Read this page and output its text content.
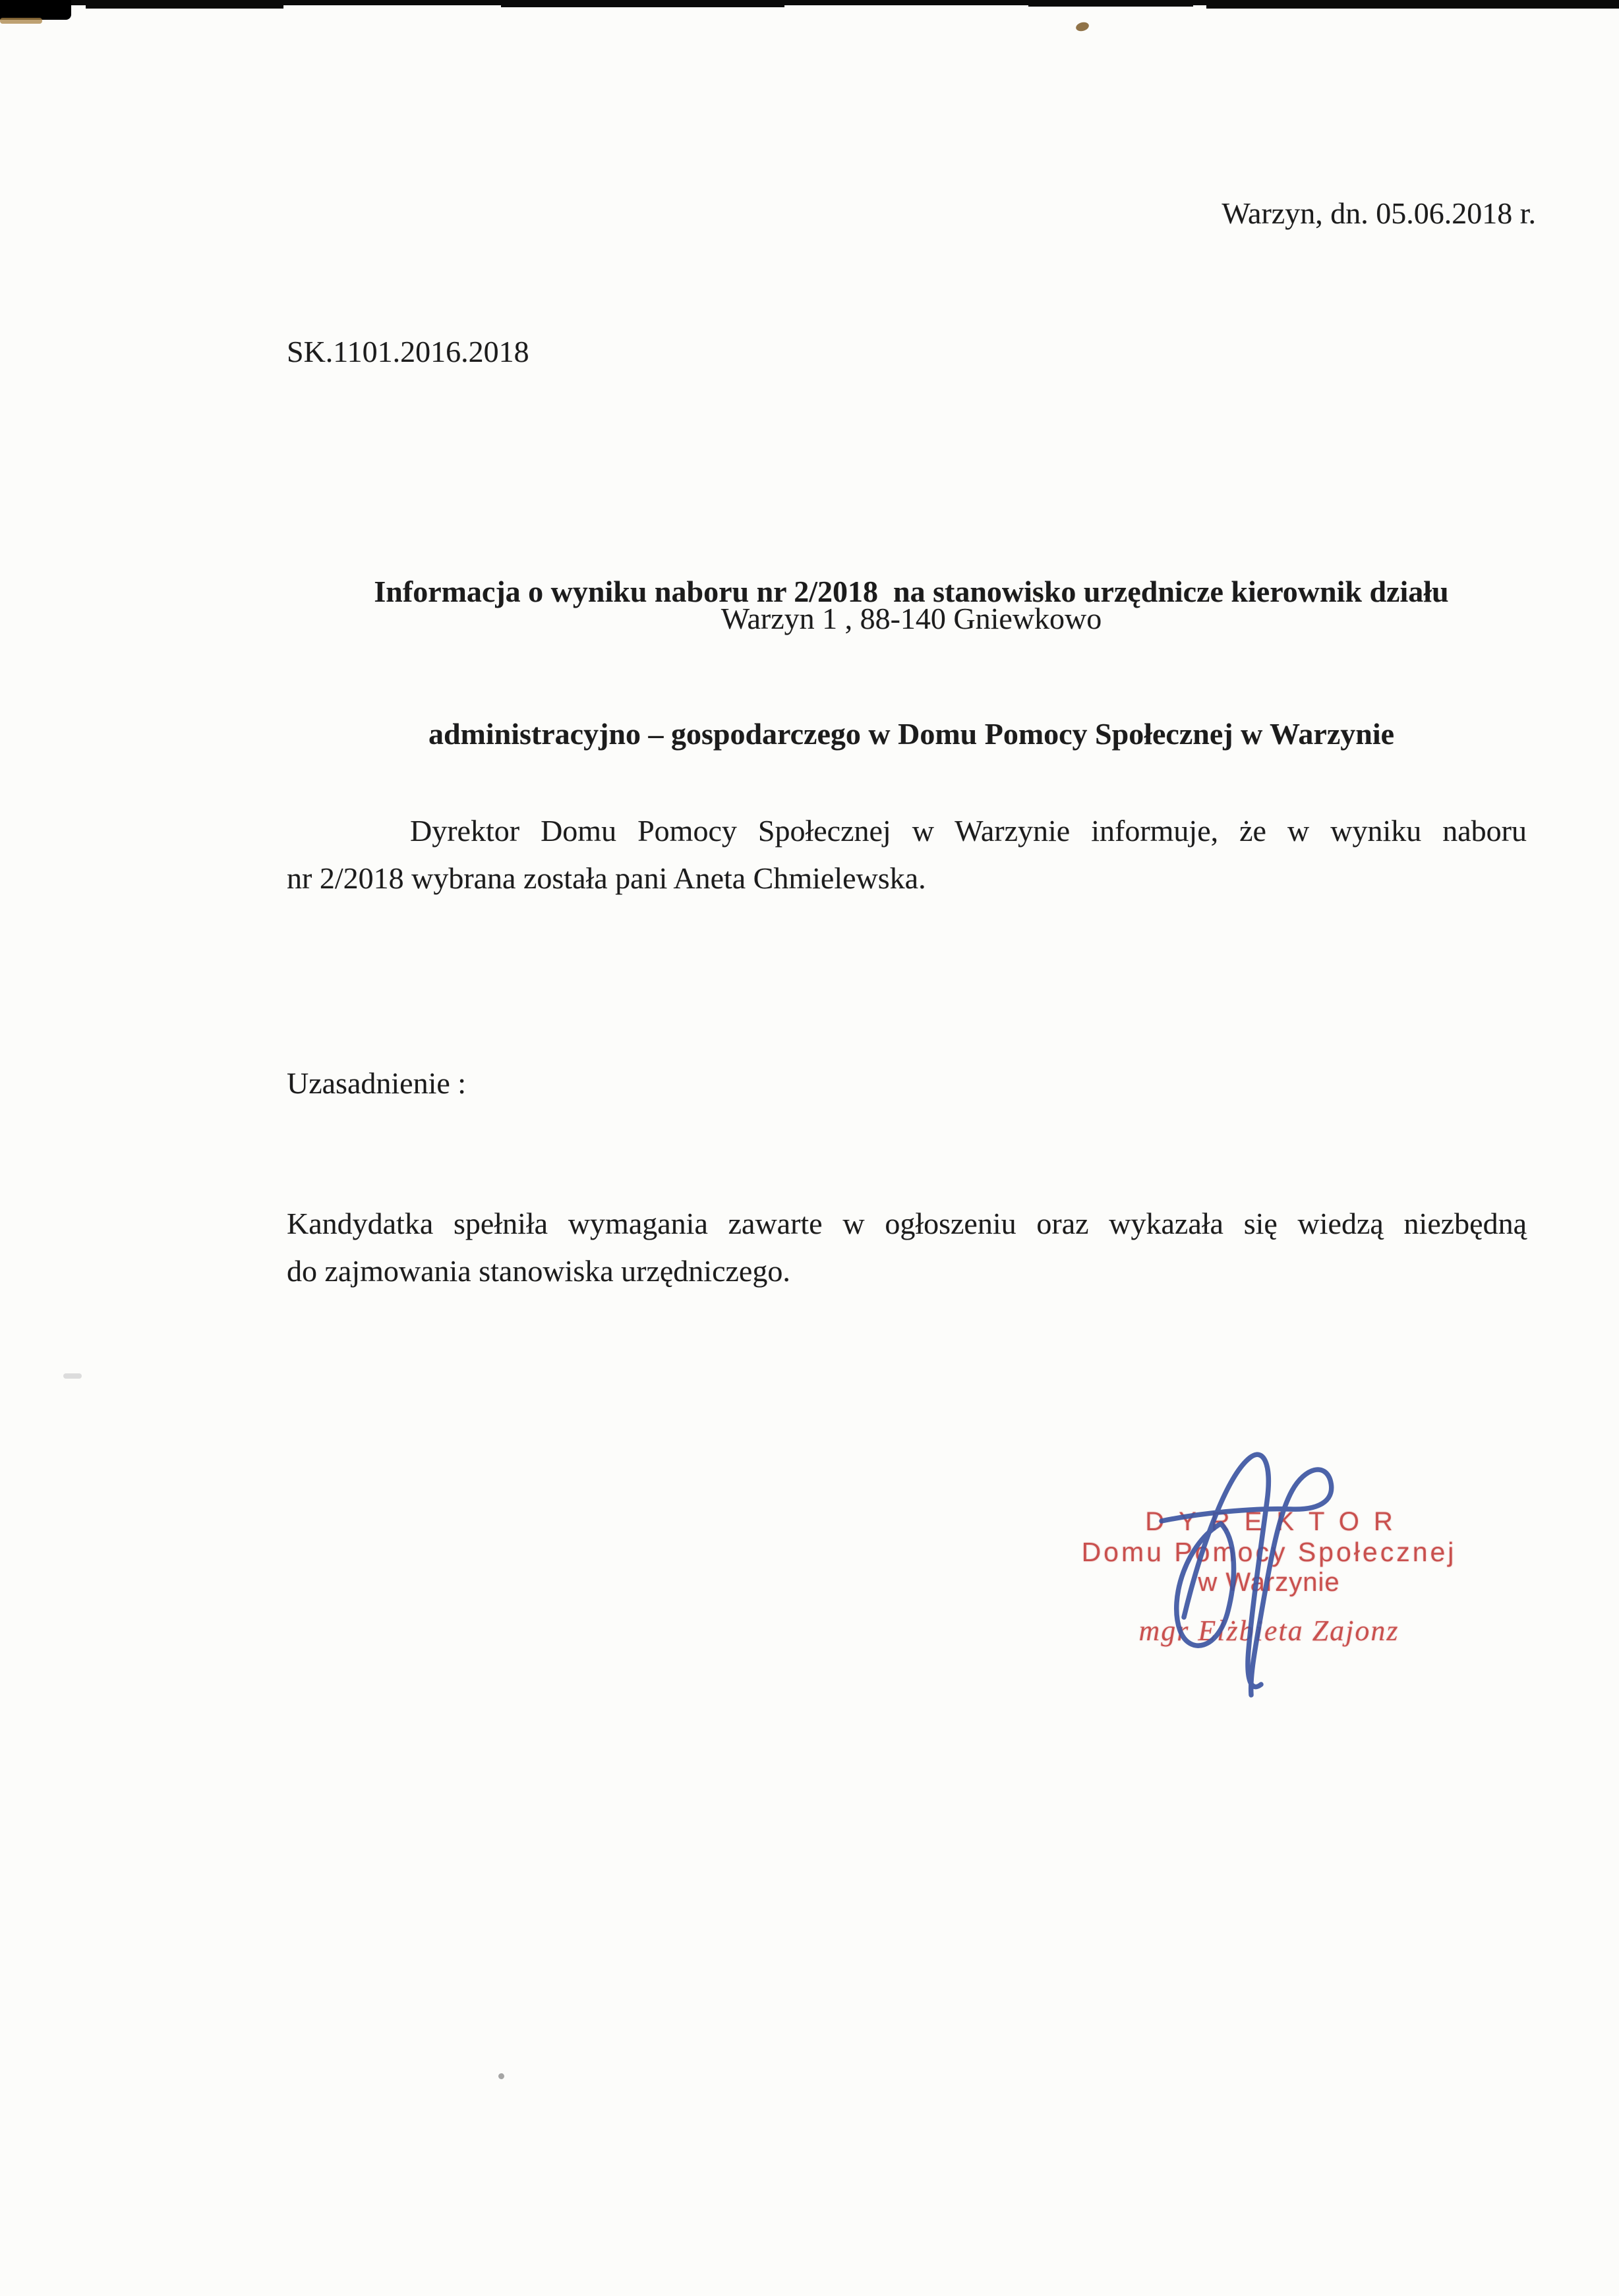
Warzyn, dn. 05.06.2018 r.
SK.1101.2016.2018

Informacja o wyniku naboru nr 2/2018  na stanowisko urzędnicze kierownik działu

administracyjno – gospodarczego w Domu Pomocy Społecznej w Warzynie

Warzyn 1 , 88-140 Gniewkowo
Dyrektor Domu Pomocy Społecznej w Warzynie informuje, że w wyniku naboru
nr 2/2018 wybrana została pani Aneta Chmielewska.
Uzasadnienie :
Kandydatka spełniła wymagania zawarte w ogłoszeniu oraz wykazała się wiedzą niezbędną
do zajmowania stanowiska urzędniczego.
DYREKTOR
Domu Pomocy Społecznej
w Warzynie
mgr Elżbieta Zajonz
